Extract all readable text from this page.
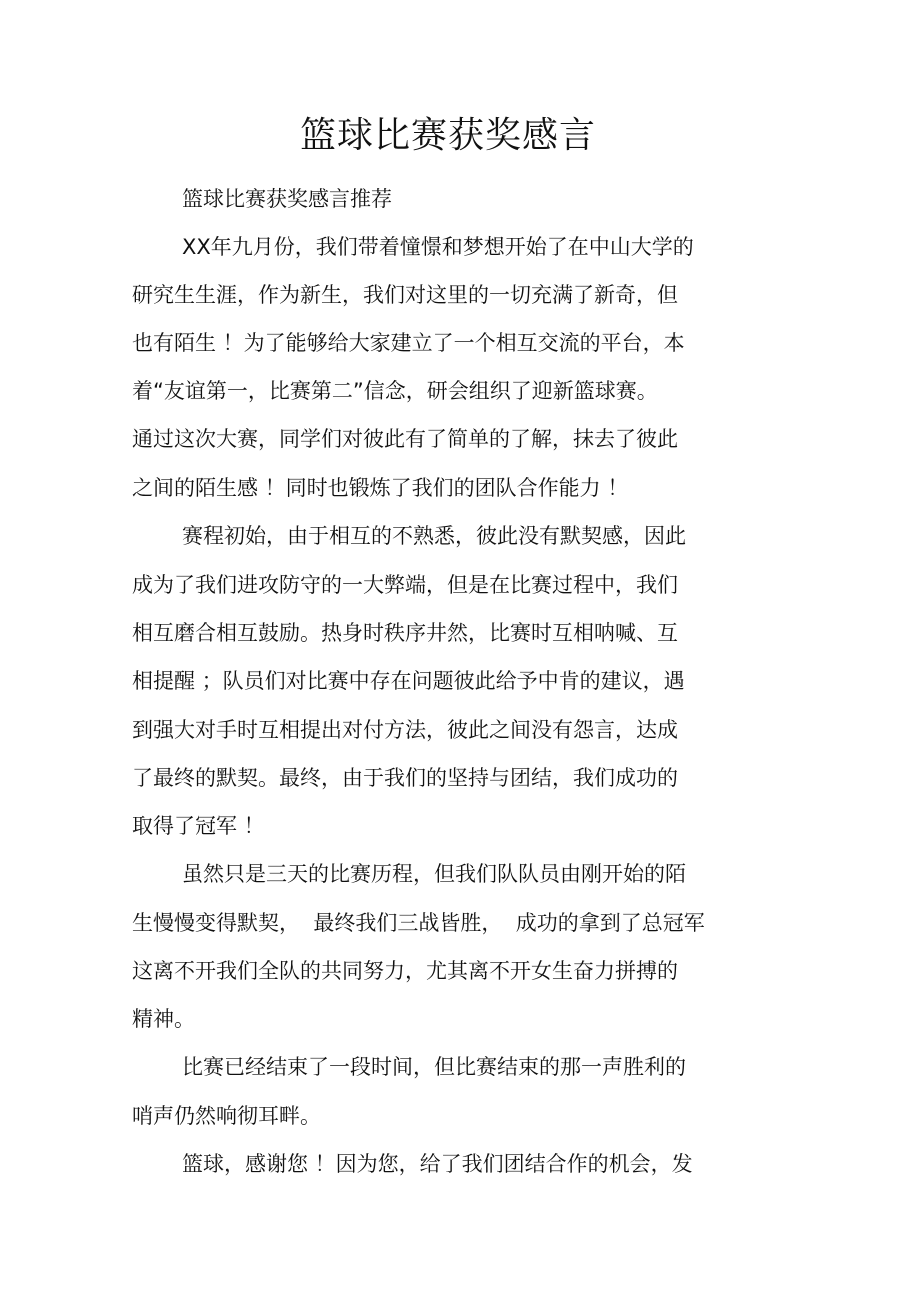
篮球比赛获奖感言

篮球比赛获奖感言推荐

XX年九月份，我们带着憧憬和梦想开始了在中山大学的

研究生生涯，作为新生，我们对这里的一切充满了新奇，但

也有陌生 ！为了能够给大家建立了一个相互交流的平台，本

着“友谊第一，比赛第二”信念，研会组织了迎新篮球赛。

通过这次大赛，同学们对彼此有了简单的了解，抹去了彼此

之间的陌生感 ！同时也锻炼了我们的团队合作能力 ！

赛程初始，由于相互的不熟悉，彼此没有默契感，因此

成为了我们进攻防守的一大弊端，但是在比赛过程中，我们

相互磨合相互鼓励。热身时秩序井然，比赛时互相呐喊、互

相提醒 ；队员们对比赛中存在问题彼此给予中肯的建议，遇

到强大对手时互相提出对付方法，彼此之间没有怨言，达成

了最终的默契。最终，由于我们的坚持与团结，我们成功的

取得了冠军 ！

虽然只是三天的比赛历程，但我们队队员由刚开始的陌

生慢慢变得默契，  最终我们三战皆胜，  成功的拿到了总冠军

这离不开我们全队的共同努力，尤其离不开女生奋力拼搏的

精神。

比赛已经结束了一段时间，但比赛结束的那一声胜利的

哨声仍然响彻耳畔。

篮球，感谢您 ！因为您，给了我们团结合作的机会，发
